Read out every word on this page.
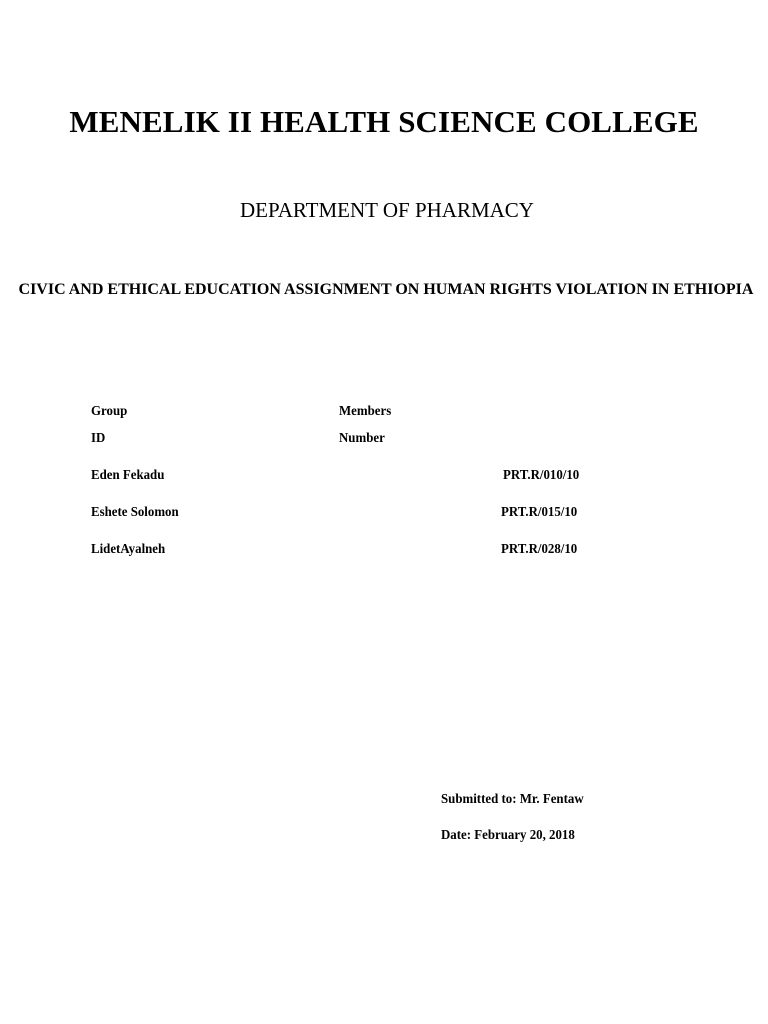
MENELIK II HEALTH SCIENCE COLLEGE
DEPARTMENT OF PHARMACY
CIVIC AND ETHICAL EDUCATION ASSIGNMENT ON HUMAN RIGHTS VIOLATION IN ETHIOPIA
Group	Members
ID	Number
Eden Fekadu	PRT.R/010/10
Eshete Solomon	PRT.R/015/10
LidetAyalneh	PRT.R/028/10
Submitted to: Mr. Fentaw
Date: February 20, 2018
